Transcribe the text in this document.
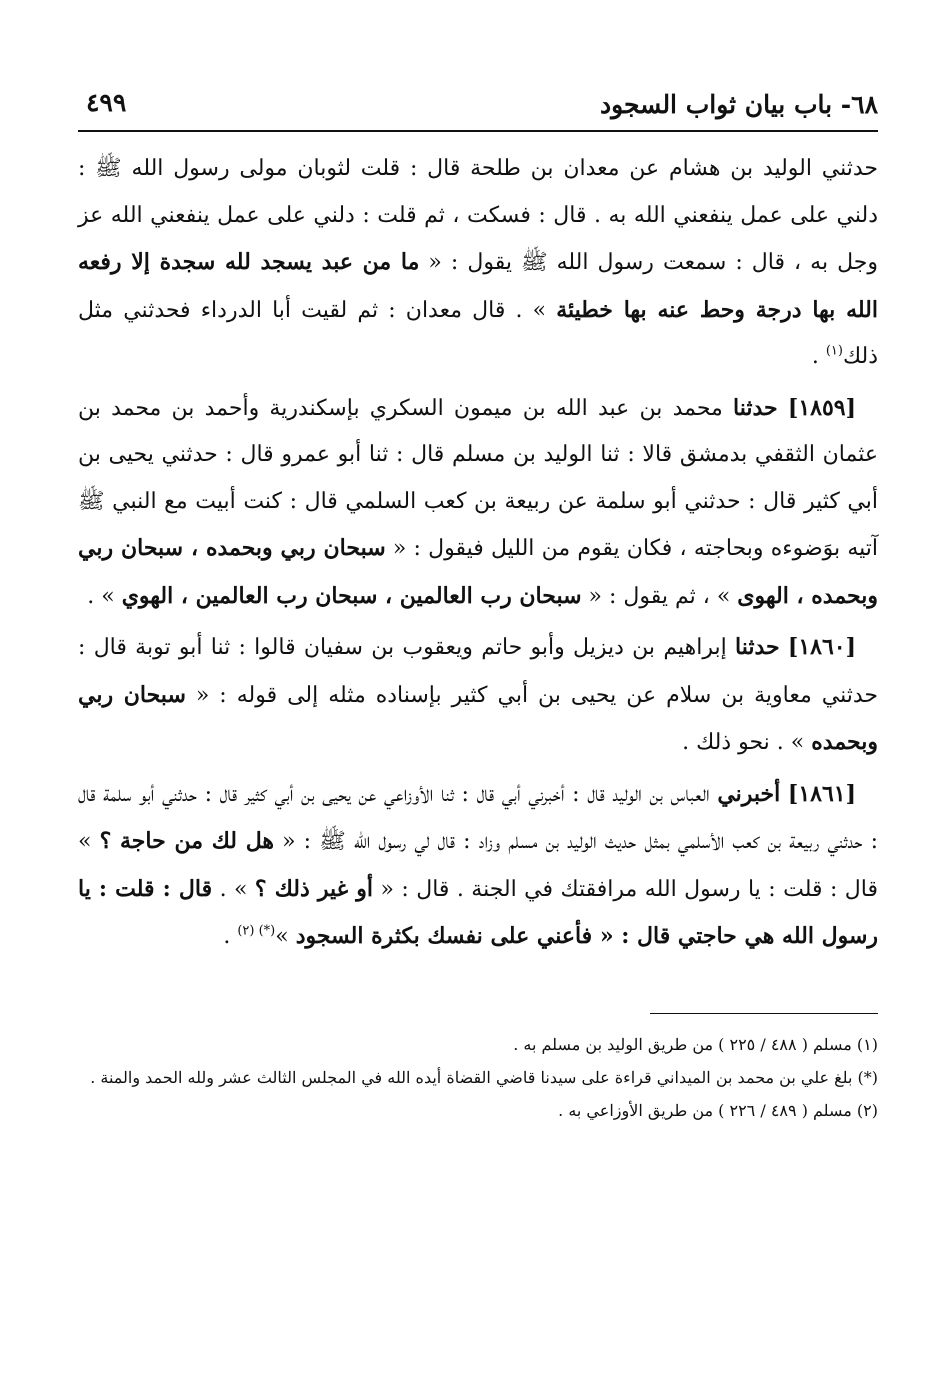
٦٨- باب بيان ثواب السجود
٤٩٩

حدثني الوليد بن هشام عن معدان بن طلحة قال : قلت لثوبان مولى رسول الله ﷺ : دلني على عمل ينفعني الله به . قال : فسكت ، ثم قلت : دلني على عمل ينفعني الله عز وجل به ، قال : سمعت رسول الله ﷺ يقول : « ما من عبد يسجد لله سجدة إلا رفعه الله بها درجة وحط عنه بها خطيئة » . قال معدان : ثم لقيت أبا الدرداء فحدثني مثل ذلك$^{(١)}$ .

[١٨٥٩] حدثنا محمد بن عبد الله بن ميمون السكري بإسكندرية وأحمد بن محمد بن عثمان الثقفي بدمشق قالا : ثنا الوليد بن مسلم قال : ثنا أبو عمرو قال : حدثني يحيى بن أبي كثير قال : حدثني أبو سلمة عن ربيعة بن كعب السلمي قال : كنت أبيت مع النبي ﷺ آتيه بوَضوءه وبحاجته ، فكان يقوم من الليل فيقول : « سبحان ربي وبحمده ، سبحان ربي وبحمده ، الهوى » ، ثم يقول : « سبحان رب العالمين ، سبحان رب العالمين ، الهوي » .

[١٨٦٠] حدثنا إبراهيم بن ديزيل وأبو حاتم ويعقوب بن سفيان قالوا : ثنا أبو توبة قال : حدثني معاوية بن سلام عن يحيى بن أبي كثير بإسناده مثله إلى قوله : « سبحان ربي وبحمده » . نحو ذلك .

[١٨٦١] أخبرني العباس بن الوليد قال : أخبرني أبي قال : ثنا الأوزاعي عن يحيى بن أبي كثير قال : حدثني أبو سلمة قال : حدثني ربيعة بن كعب الأسلمي بمثل حديث الوليد بن مسلم وزاد : قال لي رسول الله ﷺ : « هل لك من حاجة ؟ » قال : قلت : يا رسول الله مرافقتك في الجنة . قال : « أو غير ذلك ؟ » . قال : قلت : يا رسول الله هي حاجتي قال : « فأعني على نفسك بكثرة السجود »$^{(*) (٢)}$ .

(١) مسلم ( ٤٨٨ / ٢٢٥ ) من طريق الوليد بن مسلم به .

(*) بلغ علي بن محمد بن الميداني قراءة على سيدنا قاضي القضاة أيده الله في المجلس الثالث عشر ولله الحمد والمنة .

(٢) مسلم ( ٤٨٩ / ٢٢٦ ) من طريق الأوزاعي به .
